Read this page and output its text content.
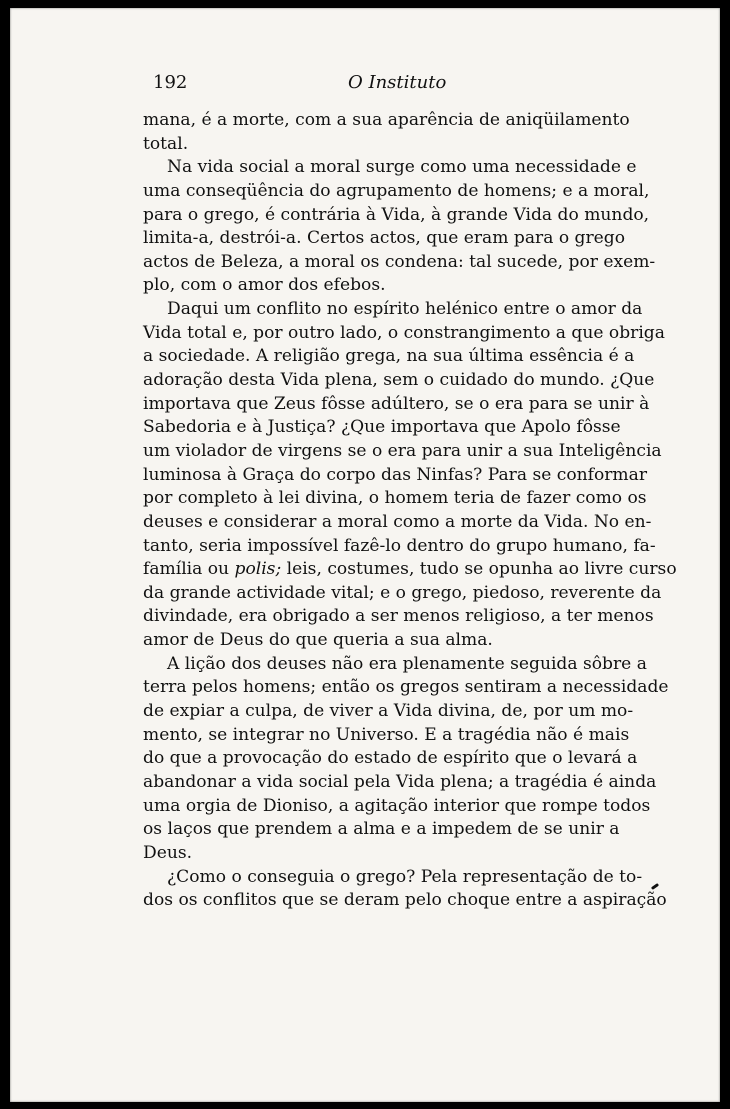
192	O Instituto
mana, é a morte, com a sua aparência de aniqüilamento
total.
Na vida social a moral surge como uma necessidade e
uma conseqüência do agrupamento de homens; e a moral,
para o grego, é contrária à Vida, à grande Vida do mundo,
limita-a, destrói-a. Certos actos, que eram para o grego
actos de Beleza, a moral os condena: tal sucede, por exem-
plo, com o amor dos efebos.
Daqui um conflito no espírito helénico entre o amor da
Vida total e, por outro lado, o constrangimento a que obriga
a sociedade. A religião grega, na sua última essência é a
adoração desta Vida plena, sem o cuidado do mundo. ¿Que
importava que Zeus fôsse adúltero, se o era para se unir à
Sabedoria e à Justiça? ¿Que importava que Apolo fôsse
um violador de virgens se o era para unir a sua Inteligência
luminosa à Graça do corpo das Ninfas? Para se conformar
por completo à lei divina, o homem teria de fazer como os
deuses e considerar a moral como a morte da Vida. No en-
tanto, seria impossível fazê-lo dentro do grupo humano, fa-
família ou polis; leis, costumes, tudo se opunha ao livre curso
da grande actividade vital; e o grego, piedoso, reverente da
divindade, era obrigado a ser menos religioso, a ter menos
amor de Deus do que queria a sua alma.
A lição dos deuses não era plenamente seguida sôbre a
terra pelos homens; então os gregos sentiram a necessidade
de expiar a culpa, de viver a Vida divina, de, por um mo-
mento, se integrar no Universo. E a tragédia não é mais
do que a provocação do estado de espírito que o levará a
abandonar a vida social pela Vida plena; a tragédia é ainda
uma orgia de Dioniso, a agitação interior que rompe todos
os laços que prendem a alma e a impedem de se unir a
Deus.
¿Como o conseguia o grego? Pela representação de to-
dos os conflitos que se deram pelo choque entre a aspiração
